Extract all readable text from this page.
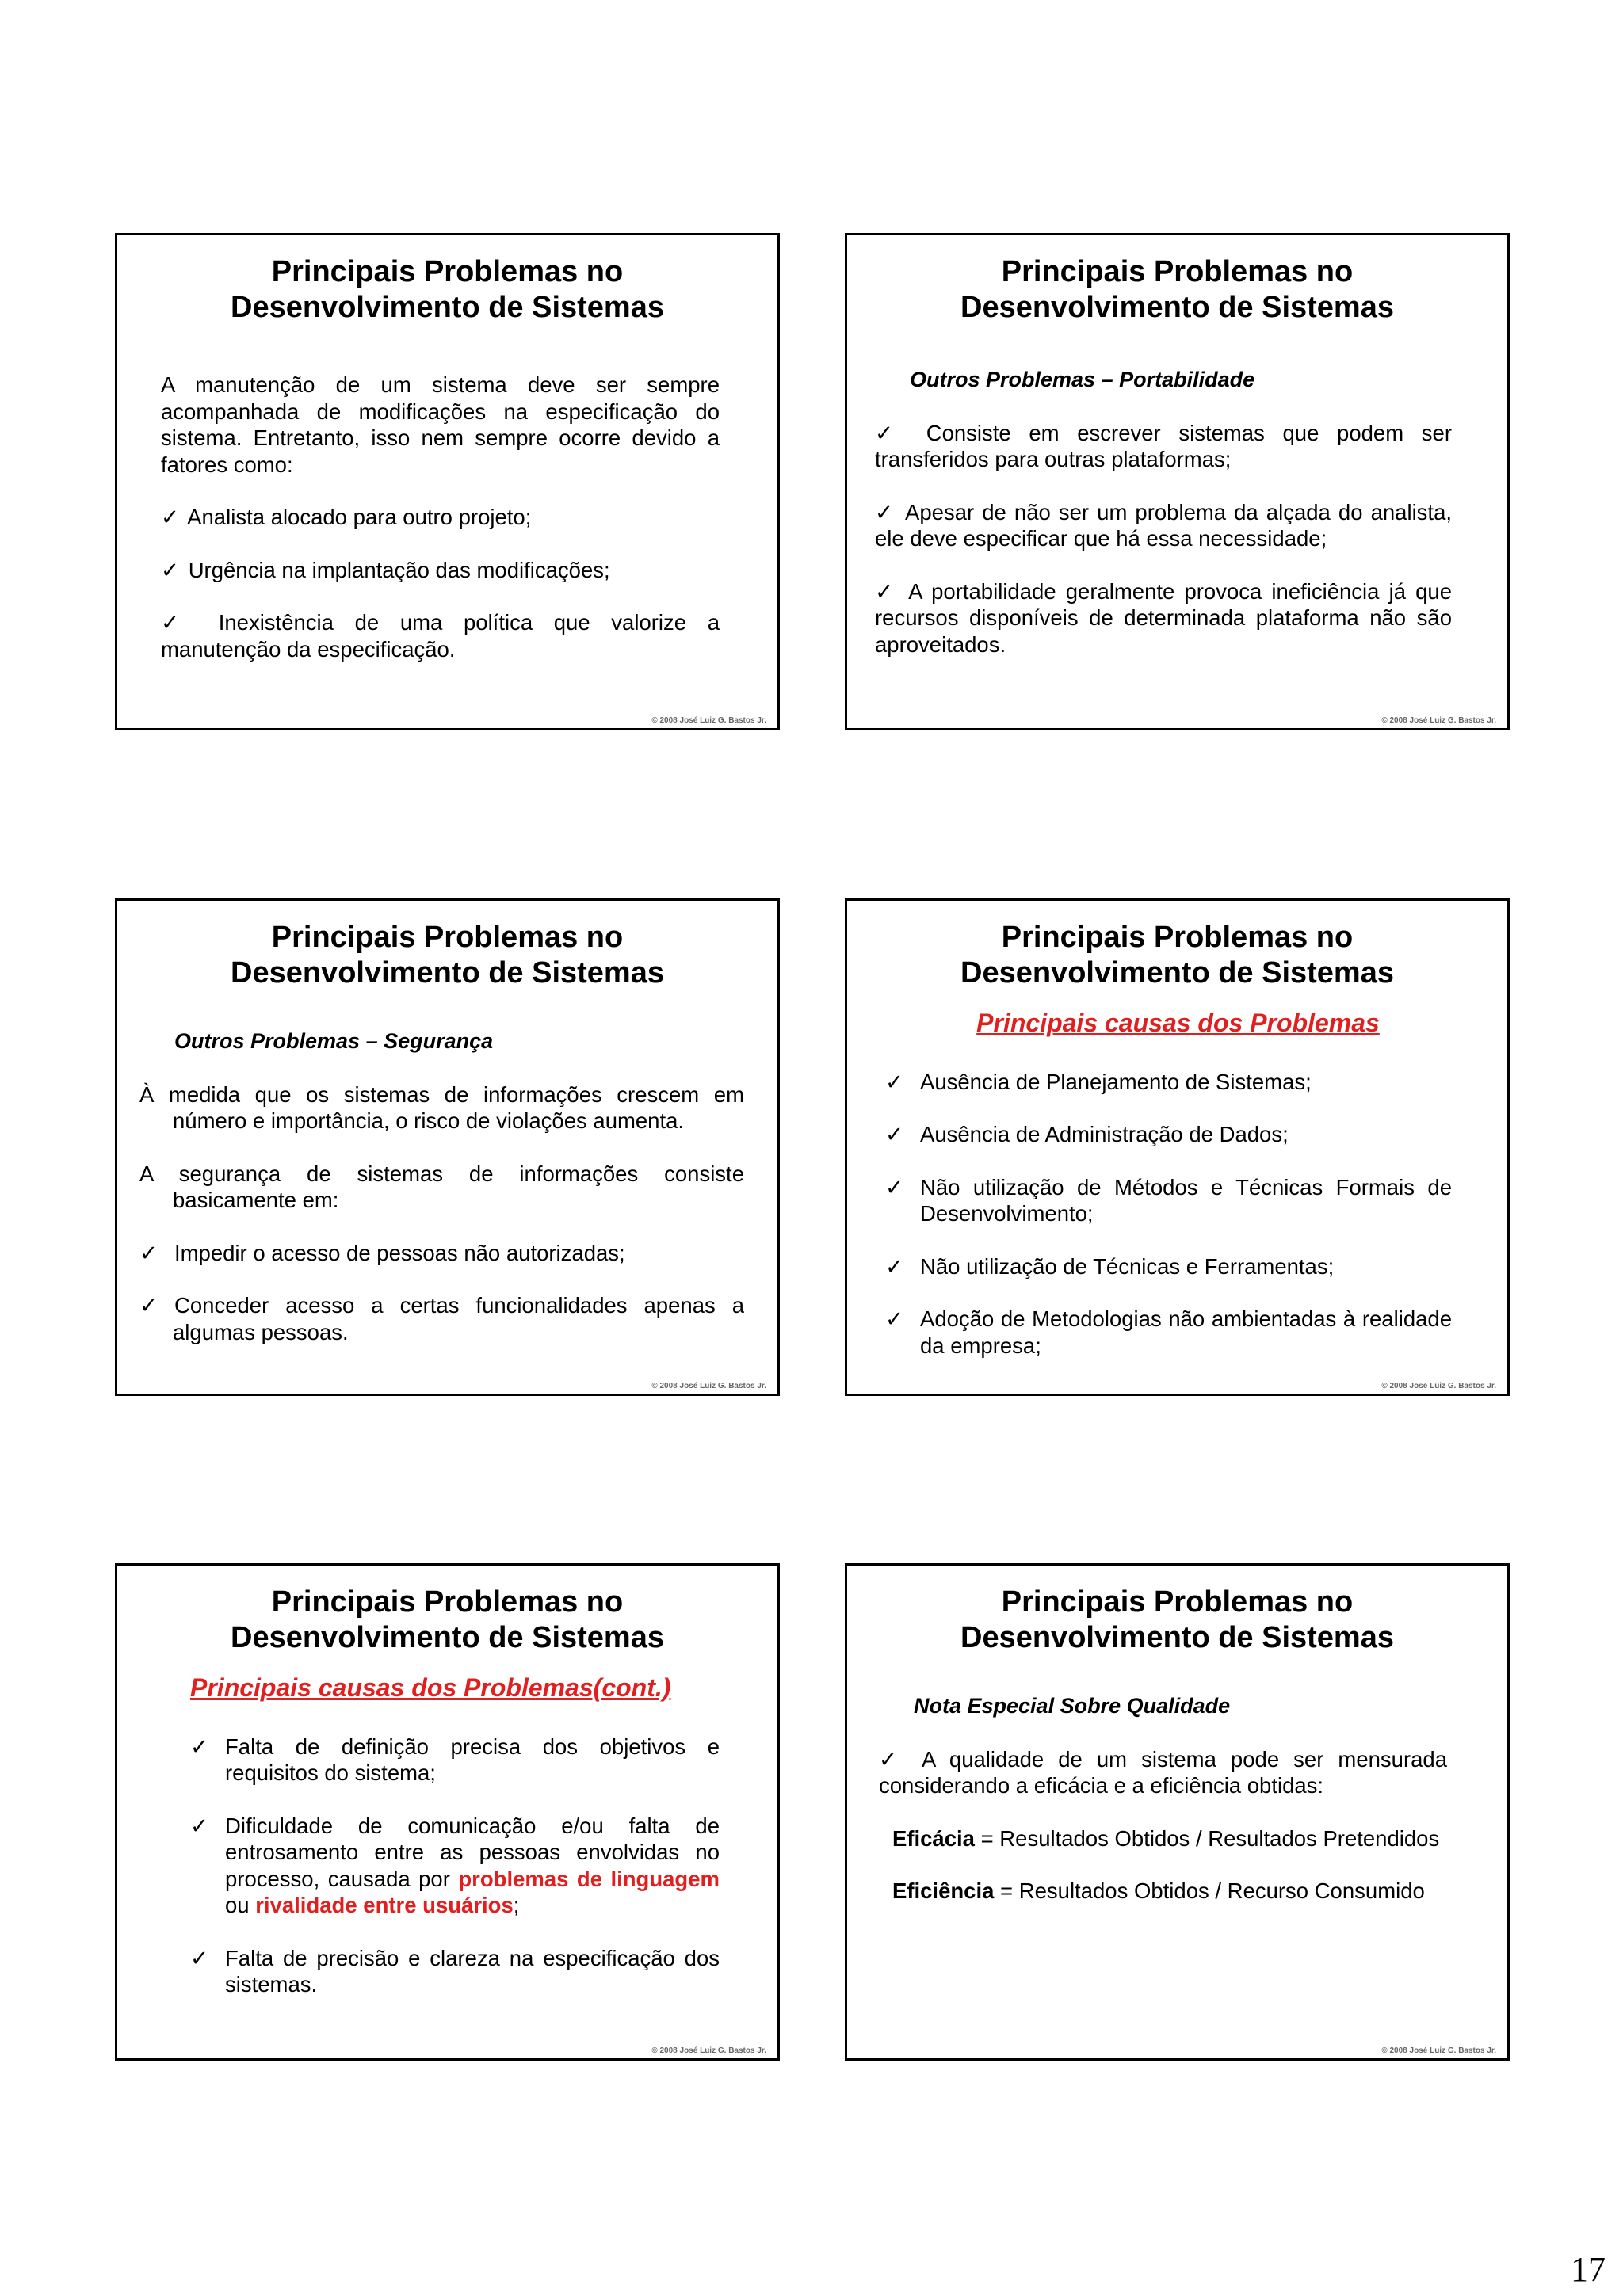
Principais Problemas no
Desenvolvimento de Sistemas

A manutenção de um sistema deve ser sempre acompanhada de modificações na especificação do sistema. Entretanto, isso nem sempre ocorre devido a fatores como:

✓ Analista alocado para outro projeto;

✓ Urgência na implantação das modificações;

✓ Inexistência de uma política que valorize a manutenção da especificação.

© 2008 José Luiz G. Bastos Jr.
Principais Problemas no
Desenvolvimento de Sistemas

Outros Problemas – Portabilidade

✓ Consiste em escrever sistemas que podem ser transferidos para outras plataformas;

✓ Apesar de não ser um problema da alçada do analista, ele deve especificar que há essa necessidade;

✓ A portabilidade geralmente provoca ineficiência já que recursos disponíveis de determinada plataforma não são aproveitados.

© 2008 José Luiz G. Bastos Jr.
Principais Problemas no
Desenvolvimento de Sistemas

Outros Problemas – Segurança

À medida que os sistemas de informações crescem em número e importância, o risco de violações aumenta.

A segurança de sistemas de informações consiste basicamente em:

✓ Impedir o acesso de pessoas não autorizadas;

✓ Conceder acesso a certas funcionalidades apenas a algumas pessoas.

© 2008 José Luiz G. Bastos Jr.
Principais Problemas no
Desenvolvimento de Sistemas

Principais causas dos Problemas

✓ Ausência de Planejamento de Sistemas;

✓ Ausência de Administração de Dados;

✓ Não utilização de Métodos e Técnicas Formais de Desenvolvimento;

✓ Não utilização de Técnicas e Ferramentas;

✓ Adoção de Metodologias não ambientadas à realidade da empresa;

© 2008 José Luiz G. Bastos Jr.
Principais Problemas no
Desenvolvimento de Sistemas

Principais causas dos Problemas(cont.)

✓ Falta de definição precisa dos objetivos e requisitos do sistema;

✓ Dificuldade de comunicação e/ou falta de entrosamento entre as pessoas envolvidas no processo, causada por problemas de linguagem ou rivalidade entre usuários;

✓ Falta de precisão e clareza na especificação dos sistemas.

© 2008 José Luiz G. Bastos Jr.
Principais Problemas no
Desenvolvimento de Sistemas

Nota Especial Sobre Qualidade

✓ A qualidade de um sistema pode ser mensurada considerando a eficácia e a eficiência obtidas:

Eficácia = Resultados Obtidos / Resultados Pretendidos

Eficiência = Resultados Obtidos / Recurso Consumido

© 2008 José Luiz G. Bastos Jr.
17
